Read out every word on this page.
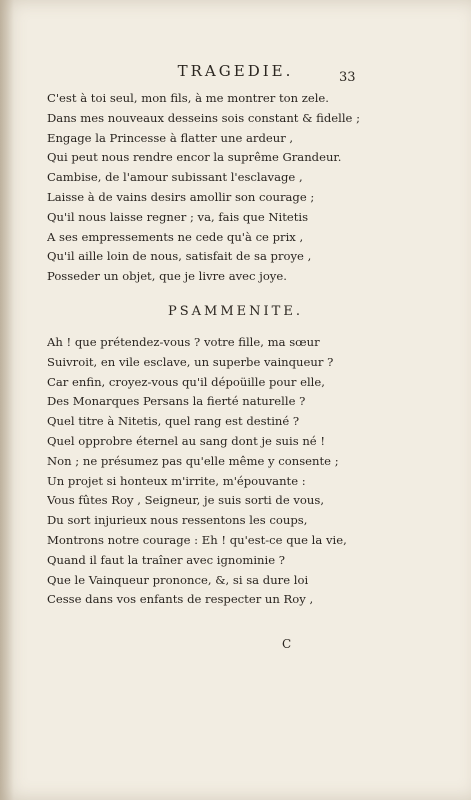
TRAGEDIE.	33
C'est à toi seul, mon fils, à me montrer ton zele.
Dans mes nouveaux desseins sois constant & fidelle ;
Engage la Princesse à flatter une ardeur ,
Qui peut nous rendre encor la suprême Grandeur.
Cambise, de l'amour subissant l'esclavage ,
Laisse à de vains desirs amollir son courage ;
Qu'il nous laisse regner ; va, fais que Nitetis
A ses empressements ne cede qu'à ce prix ,
Qu'il aille loin de nous, satisfait de sa proye ,
Posseder un objet, que je livre avec joye.
PSAMMENITE.
Ah ! que prétendez-vous ? votre fille, ma sœur
Suivroit, en vile esclave, un superbe vainqueur ?
Car enfin, croyez-vous qu'il dépoüille pour elle,
Des Monarques Persans la fierté naturelle ?
Quel titre à Nitetis, quel rang est destiné ?
Quel opprobre éternel au sang dont je suis né !
Non ; ne présumez pas qu'elle même y consente ;
Un projet si honteux m'irrite, m'épouvante :
Vous fûtes Roy , Seigneur, je suis sorti de vous,
Du sort injurieux nous ressentons les coups,
Montrons notre courage : Eh ! qu'est-ce que la vie,
Quand il faut la traîner avec ignominie ?
Que le Vainqueur prononce, &, si sa dure loi
Cesse dans vos enfants de respecter un Roy ,
C
